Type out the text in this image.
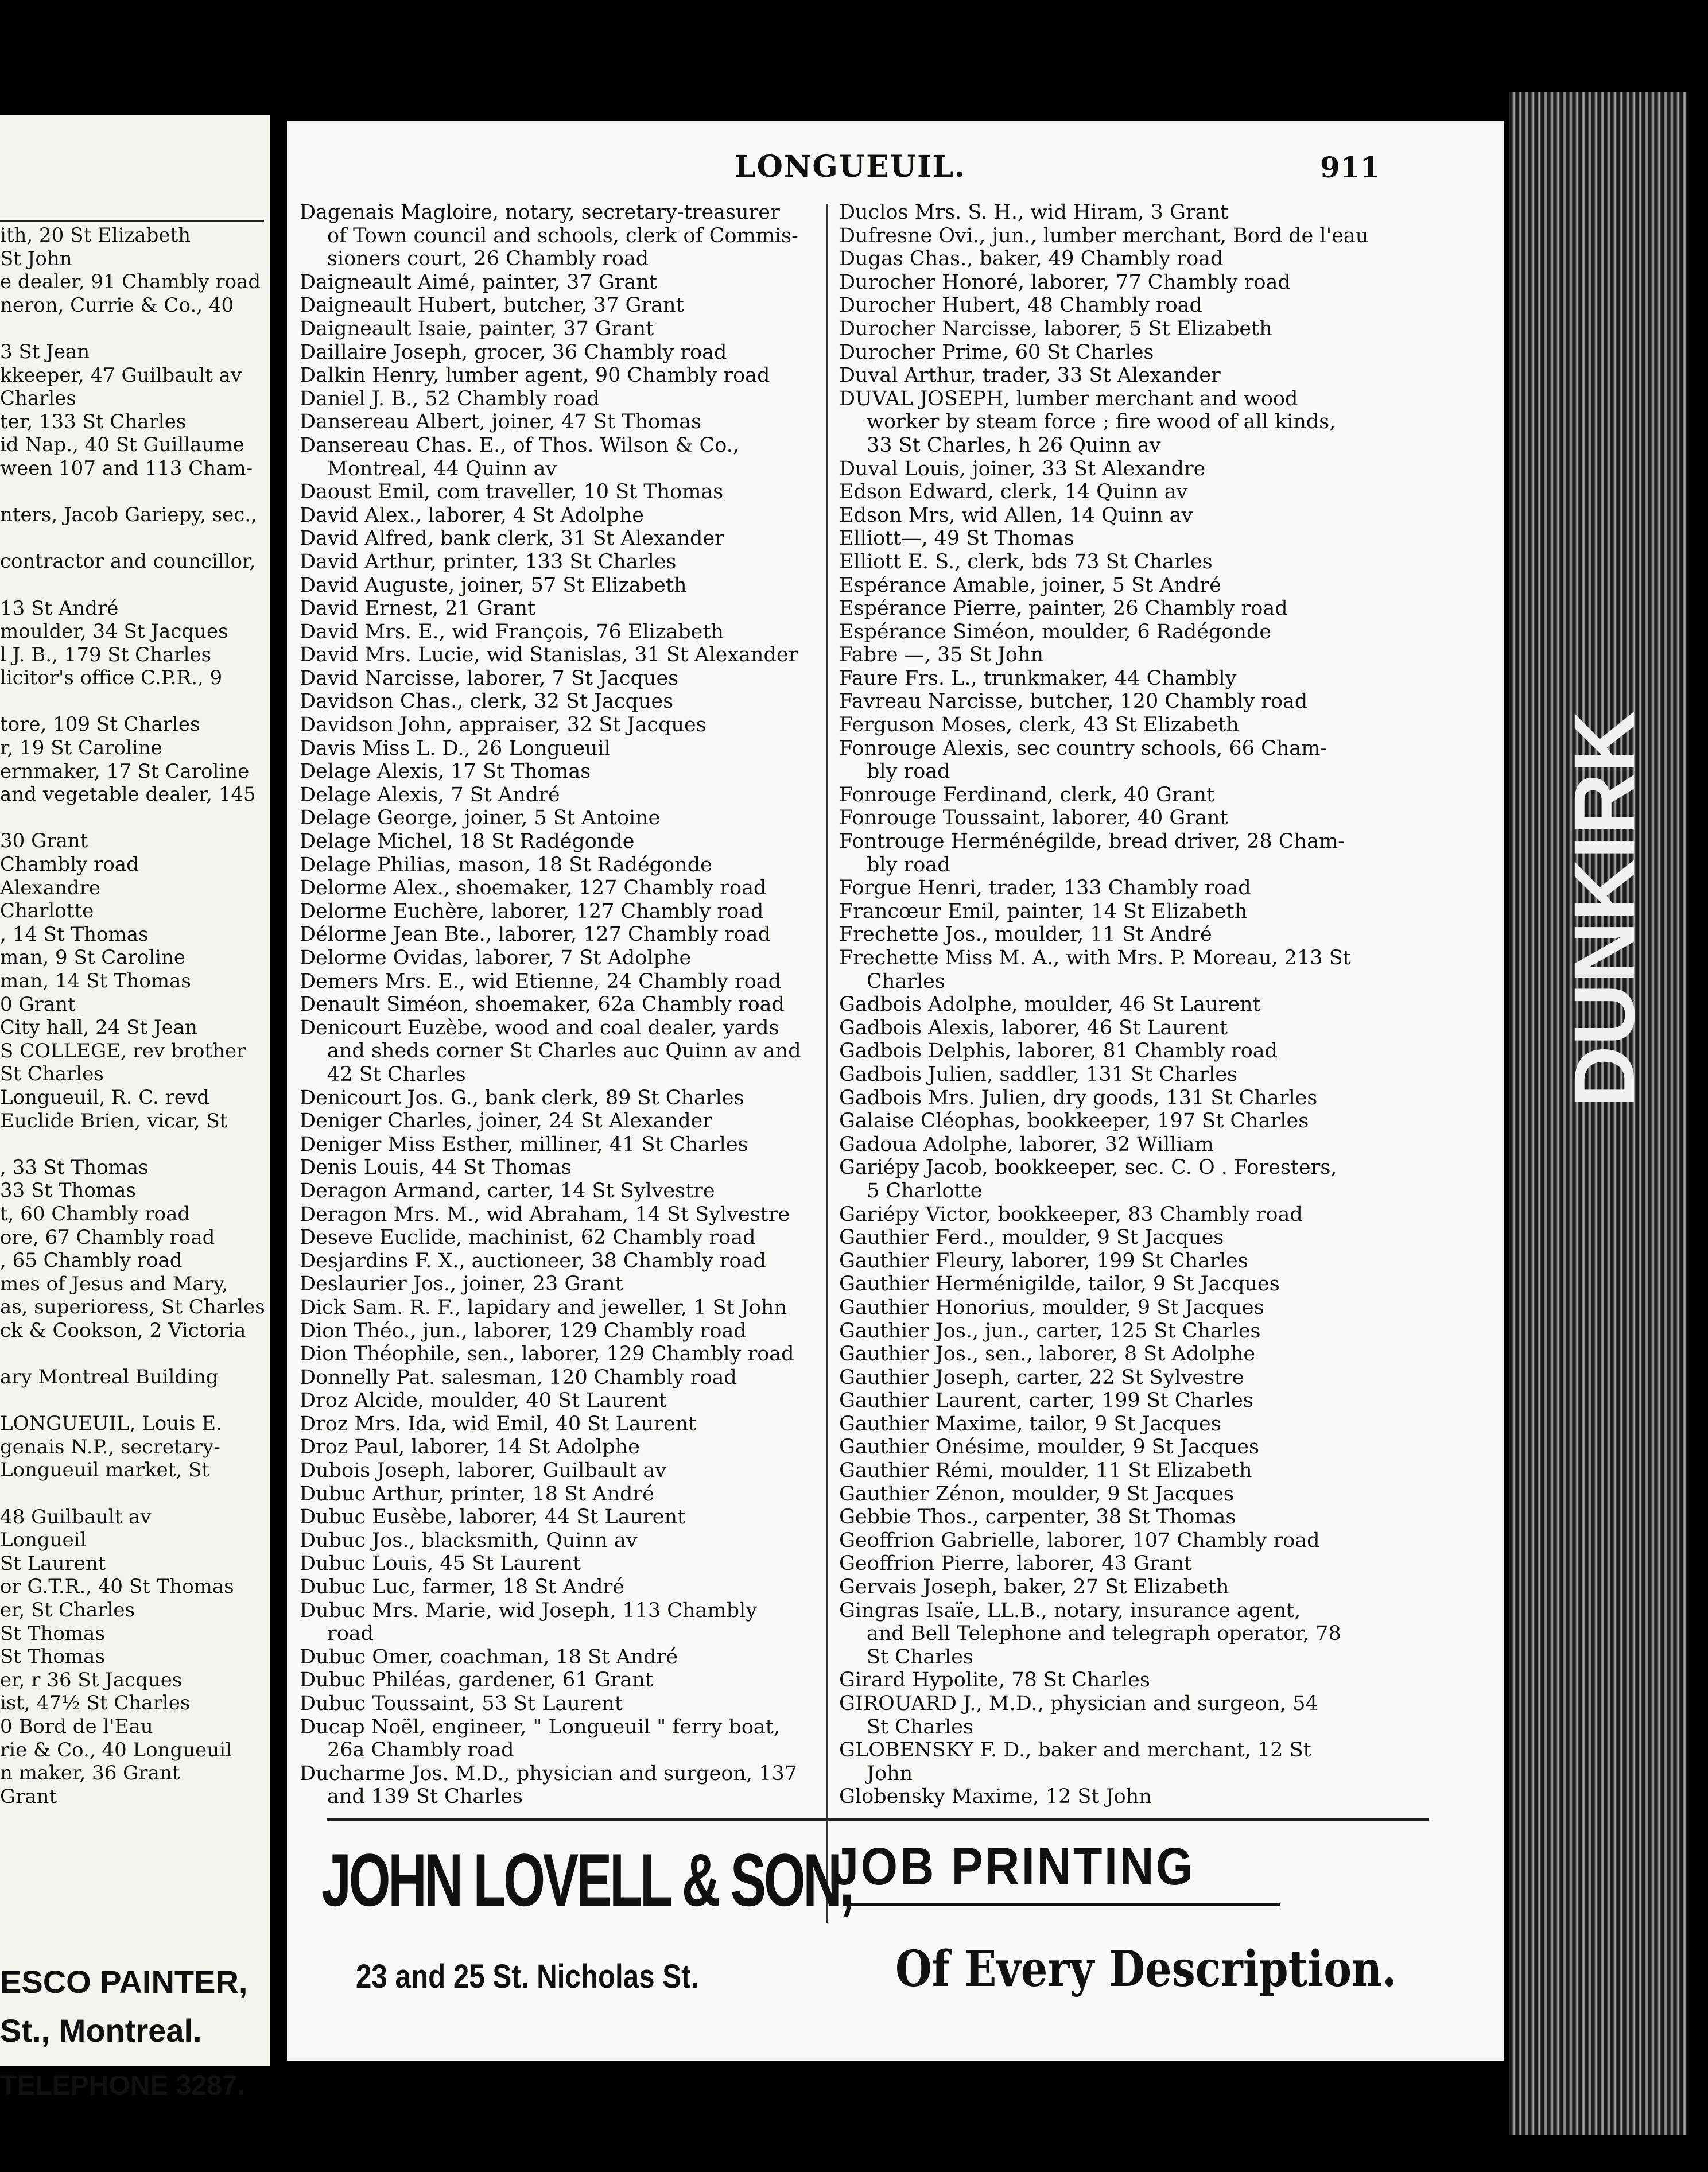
ith, 20 St Elizabeth
St John
e dealer, 91 Chambly road
neron, Currie & Co., 40

3 St Jean
kkeeper, 47 Guilbault av
Charles
ter, 133 St Charles
id Nap., 40 St Guillaume
ween 107 and 113 Cham-

nters, Jacob Gariepy, sec.,

contractor and councillor,

13 St André
moulder, 34 St Jacques
l J. B., 179 St Charles
licitor's office C.P.R., 9

tore, 109 St Charles
r, 19 St Caroline
ernmaker, 17 St Caroline
and vegetable dealer, 145

30 Grant
Chambly road
Alexandre
Charlotte
, 14 St Thomas
man, 9 St Caroline
man, 14 St Thomas
0 Grant
City hall, 24 St Jean
S COLLEGE, rev brother
St Charles
Longueuil, R. C. revd
Euclide Brien, vicar, St

, 33 St Thomas
33 St Thomas
t, 60 Chambly road
ore, 67 Chambly road
, 65 Chambly road
mes of Jesus and Mary,
as, superioress, St Charles
ck & Cookson, 2 Victoria

ary Montreal Building

LONGUEUIL, Louis E.
genais N.P., secretary-
Longueuil market, St

48 Guilbault av
Longueil
St Laurent
or G.T.R., 40 St Thomas
er, St Charles
St Thomas
St Thomas
er, r 36 St Jacques
ist, 47½ St Charles
0 Bord de l'Eau
rie & Co., 40 Longueuil
n maker, 36 Grant
Grant
ESCO PAINTER,
St., Montreal.
TELEPHONE 3287.
LONGUEUIL.	911
Dagenais Magloire, notary, secretary-treasurer
of Town council and schools, clerk of Commis-
sioners court, 26 Chambly road
Daigneault Aimé, painter, 37 Grant
Daigneault Hubert, butcher, 37 Grant
Daigneault Isaie, painter, 37 Grant
Daillaire Joseph, grocer, 36 Chambly road
Dalkin Henry, lumber agent, 90 Chambly road
Daniel J. B., 52 Chambly road
Dansereau Albert, joiner, 47 St Thomas
Dansereau Chas. E., of Thos. Wilson & Co.,
Montreal, 44 Quinn av
Daoust Emil, com traveller, 10 St Thomas
David Alex., laborer, 4 St Adolphe
David Alfred, bank clerk, 31 St Alexander
David Arthur, printer, 133 St Charles
David Auguste, joiner, 57 St Elizabeth
David Ernest, 21 Grant
David Mrs. E., wid François, 76 Elizabeth
David Mrs. Lucie, wid Stanislas, 31 St Alexander
David Narcisse, laborer, 7 St Jacques
Davidson Chas., clerk, 32 St Jacques
Davidson John, appraiser, 32 St Jacques
Davis Miss L. D., 26 Longueuil
Delage Alexis, 17 St Thomas
Delage Alexis, 7 St André
Delage George, joiner, 5 St Antoine
Delage Michel, 18 St Radégonde
Delage Philias, mason, 18 St Radégonde
Delorme Alex., shoemaker, 127 Chambly road
Delorme Euchère, laborer, 127 Chambly road
Délorme Jean Bte., laborer, 127 Chambly road
Delorme Ovidas, laborer, 7 St Adolphe
Demers Mrs. E., wid Etienne, 24 Chambly road
Denault Siméon, shoemaker, 62a Chambly road
Denicourt Euzèbe, wood and coal dealer, yards
and sheds corner St Charles auc Quinn av and
42 St Charles
Denicourt Jos. G., bank clerk, 89 St Charles
Deniger Charles, joiner, 24 St Alexander
Deniger Miss Esther, milliner, 41 St Charles
Denis Louis, 44 St Thomas
Deragon Armand, carter, 14 St Sylvestre
Deragon Mrs. M., wid Abraham, 14 St Sylvestre
Deseve Euclide, machinist, 62 Chambly road
Desjardins F. X., auctioneer, 38 Chambly road
Deslaurier Jos., joiner, 23 Grant
Dick Sam. R. F., lapidary and jeweller, 1 St John
Dion Théo., jun., laborer, 129 Chambly road
Dion Théophile, sen., laborer, 129 Chambly road
Donnelly Pat. salesman, 120 Chambly road
Droz Alcide, moulder, 40 St Laurent
Droz Mrs. Ida, wid Emil, 40 St Laurent
Droz Paul, laborer, 14 St Adolphe
Dubois Joseph, laborer, Guilbault av
Dubuc Arthur, printer, 18 St André
Dubuc Eusèbe, laborer, 44 St Laurent
Dubuc Jos., blacksmith, Quinn av
Dubuc Louis, 45 St Laurent
Dubuc Luc, farmer, 18 St André
Dubuc Mrs. Marie, wid Joseph, 113 Chambly
road
Dubuc Omer, coachman, 18 St André
Dubuc Philéas, gardener, 61 Grant
Dubuc Toussaint, 53 St Laurent
Ducap Noël, engineer, " Longueuil " ferry boat,
26a Chambly road
Ducharme Jos. M.D., physician and surgeon, 137
and 139 St Charles
Duclos Mrs. S. H., wid Hiram, 3 Grant
Dufresne Ovi., jun., lumber merchant, Bord de l'eau
Dugas Chas., baker, 49 Chambly road
Durocher Honoré, laborer, 77 Chambly road
Durocher Hubert, 48 Chambly road
Durocher Narcisse, laborer, 5 St Elizabeth
Durocher Prime, 60 St Charles
Duval Arthur, trader, 33 St Alexander
DUVAL JOSEPH, lumber merchant and wood
worker by steam force ; fire wood of all kinds,
33 St Charles, h 26 Quinn av
Duval Louis, joiner, 33 St Alexandre
Edson Edward, clerk, 14 Quinn av
Edson Mrs, wid Allen, 14 Quinn av
Elliott—, 49 St Thomas
Elliott E. S., clerk, bds 73 St Charles
Espérance Amable, joiner, 5 St André
Espérance Pierre, painter, 26 Chambly road
Espérance Siméon, moulder, 6 Radégonde
Fabre —, 35 St John
Faure Frs. L., trunkmaker, 44 Chambly
Favreau Narcisse, butcher, 120 Chambly road
Ferguson Moses, clerk, 43 St Elizabeth
Fonrouge Alexis, sec country schools, 66 Cham-
bly road
Fonrouge Ferdinand, clerk, 40 Grant
Fonrouge Toussaint, laborer, 40 Grant
Fontrouge Herménégilde, bread driver, 28 Cham-
bly road
Forgue Henri, trader, 133 Chambly road
Francœur Emil, painter, 14 St Elizabeth
Frechette Jos., moulder, 11 St André
Frechette Miss M. A., with Mrs. P. Moreau, 213 St
Charles
Gadbois Adolphe, moulder, 46 St Laurent
Gadbois Alexis, laborer, 46 St Laurent
Gadbois Delphis, laborer, 81 Chambly road
Gadbois Julien, saddler, 131 St Charles
Gadbois Mrs. Julien, dry goods, 131 St Charles
Galaise Cléophas, bookkeeper, 197 St Charles
Gadoua Adolphe, laborer, 32 William
Gariépy Jacob, bookkeeper, sec. C. O . Foresters,
5 Charlotte
Gariépy Victor, bookkeeper, 83 Chambly road
Gauthier Ferd., moulder, 9 St Jacques
Gauthier Fleury, laborer, 199 St Charles
Gauthier Herménigilde, tailor, 9 St Jacques
Gauthier Honorius, moulder, 9 St Jacques
Gauthier Jos., jun., carter, 125 St Charles
Gauthier Jos., sen., laborer, 8 St Adolphe
Gauthier Joseph, carter, 22 St Sylvestre
Gauthier Laurent, carter, 199 St Charles
Gauthier Maxime, tailor, 9 St Jacques
Gauthier Onésime, moulder, 9 St Jacques
Gauthier Rémi, moulder, 11 St Elizabeth
Gauthier Zénon, moulder, 9 St Jacques
Gebbie Thos., carpenter, 38 St Thomas
Geoffrion Gabrielle, laborer, 107 Chambly road
Geoffrion Pierre, laborer, 43 Grant
Gervais Joseph, baker, 27 St Elizabeth
Gingras Isaïe, LL.B., notary, insurance agent,
and Bell Telephone and telegraph operator, 78
St Charles
Girard Hypolite, 78 St Charles
GIROUARD J., M.D., physician and surgeon, 54
St Charles
GLOBENSKY F. D., baker and merchant, 12 St
John
Globensky Maxime, 12 St John
JOHN LOVELL & SON,
23 and 25 St. Nicholas St.
JOB PRINTING
Of Every Description.
DUNKIRK
